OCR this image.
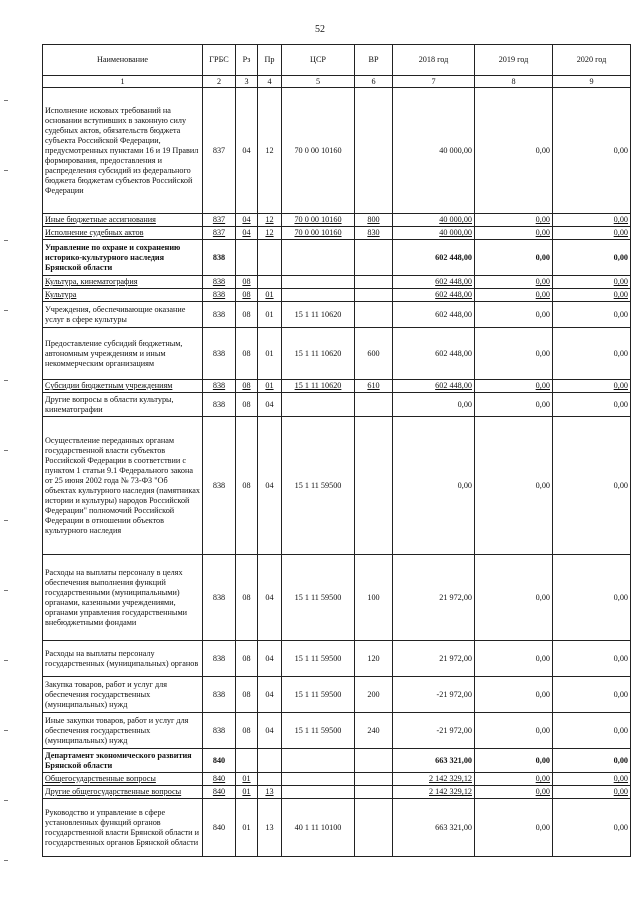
52
Наименование	ГРБС	Рз	Пр	ЦСР	ВР	2018 год	2019 год	2020 год
1	2	3	4	5	6	7	8	9
Исполнение исковых требований на основании вступивших в законную силу судебных актов, обязательств бюджета субъекта Российской Федерации, предусмотренных пунктами 16 и 19 Правил формирования, предоставления и распределения субсидий из федерального бюджета бюджетам субъектов Российской Федерации	837	04	12	70 0 00 10160		40 000,00	0,00	0,00
Иные бюджетные ассигнования	837	04	12	70 0 00 10160	800	40 000,00	0,00	0,00
Исполнение судебных актов	837	04	12	70 0 00 10160	830	40 000,00	0,00	0,00
Управление по охране и сохранению историко-культурного наследия Брянской области	838					602 448,00	0,00	0,00
Культура, кинематография	838	08				602 448,00	0,00	0,00
Культура	838	08	01			602 448,00	0,00	0,00
Учреждения, обеспечивающие оказание услуг в сфере культуры	838	08	01	15 1 11 10620		602 448,00	0,00	0,00
Предоставление субсидий бюджетным, автономным учреждениям и иным некоммерческим организациям	838	08	01	15 1 11 10620	600	602 448,00	0,00	0,00
Субсидии бюджетным учреждениям	838	08	01	15 1 11 10620	610	602 448,00	0,00	0,00
Другие вопросы в области культуры, кинематографии	838	08	04			0,00	0,00	0,00
Осуществление переданных органам государственной власти субъектов Российской Федерации в соответствии с пунктом 1 статьи 9.1 Федерального закона от 25 июня 2002 года № 73-ФЗ "Об объектах культурного наследия (памятниках истории и культуры) народов Российской Федерации" полномочий Российской Федерации в отношении объектов культурного наследия	838	08	04	15 1 11 59500		0,00	0,00	0,00
Расходы на выплаты персоналу в целях обеспечения выполнения функций государственными (муниципальными) органами, казенными учреждениями, органами управления государственными внебюджетными фондами	838	08	04	15 1 11 59500	100	21 972,00	0,00	0,00
Расходы на выплаты персоналу государственных (муниципальных) органов	838	08	04	15 1 11 59500	120	21 972,00	0,00	0,00
Закупка товаров, работ и услуг для обеспечения государственных (муниципальных) нужд	838	08	04	15 1 11 59500	200	-21 972,00	0,00	0,00
Иные закупки товаров, работ и услуг для обеспечения государственных (муниципальных) нужд	838	08	04	15 1 11 59500	240	-21 972,00	0,00	0,00
Департамент экономического развития Брянской области	840					663 321,00	0,00	0,00
Общегосударственные вопросы	840	01				2 142 329,12	0,00	0,00
Другие общегосударственные вопросы	840	01	13			2 142 329,12	0,00	0,00
Руководство и управление в сфере установленных функций органов государственной власти Брянской области и государственных органов Брянской области	840	01	13	40 1 11 10100		663 321,00	0,00	0,00
